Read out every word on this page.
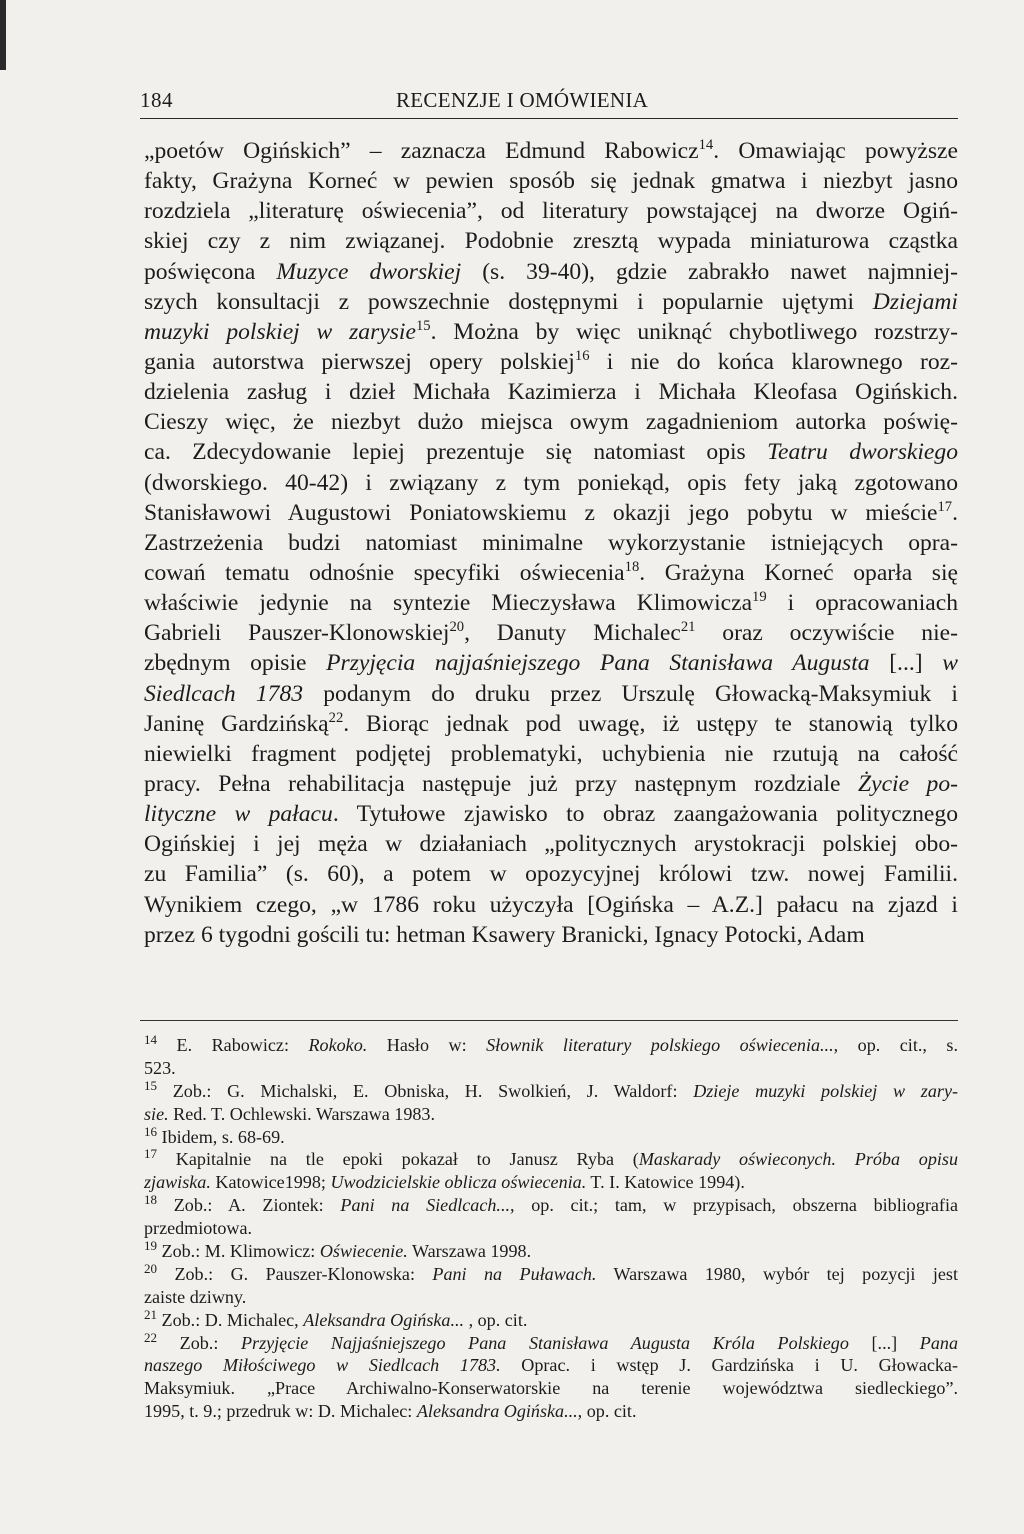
184	RECENZJE I OMÓWIENIA
„poetów Ogińskich” – zaznacza Edmund Rabowicz$^{14}$. Omawiając powyższe
fakty, Grażyna Korneć w pewien sposób się jednak gmatwa i niezbyt jasno
rozdziela „literaturę oświecenia”, od literatury powstającej na dworze Ogiń-
skiej czy z nim związanej. Podobnie zresztą wypada miniaturowa cząstka
poświęcona Muzyce dworskiej (s. 39-40), gdzie zabrakło nawet najmniej-
szych konsultacji z powszechnie dostępnymi i popularnie ujętymi Dziejami
muzyki polskiej w zarysie$^{15}$. Można by więc uniknąć chybotliwego rozstrzy-
gania autorstwa pierwszej opery polskiej$^{16}$ i nie do końca klarownego roz-
dzielenia zasług i dzieł Michała Kazimierza i Michała Kleofasa Ogińskich.
Cieszy więc, że niezbyt dużo miejsca owym zagadnieniom autorka poświę-
ca. Zdecydowanie lepiej prezentuje się natomiast opis Teatru dworskiego
(dworskiego. 40-42) i związany z tym poniekąd, opis fety jaką zgotowano
Stanisławowi Augustowi Poniatowskiemu z okazji jego pobytu w mieście$^{17}$.
Zastrzeżenia budzi natomiast minimalne wykorzystanie istniejących opra-
cowań tematu odnośnie specyfiki oświecenia$^{18}$. Grażyna Korneć oparła się
właściwie jedynie na syntezie Mieczysława Klimowicza$^{19}$ i opracowaniach
Gabrieli Pauszer-Klonowskiej$^{20}$, Danuty Michalec$^{21}$ oraz oczywiście nie-
zbędnym opisie Przyjęcia najjaśniejszego Pana Stanisława Augusta [...] w
Siedlcach 1783 podanym do druku przez Urszulę Głowacką-Maksymiuk i
Janinę Gardzińską$^{22}$. Biorąc jednak pod uwagę, iż ustępy te stanowią tylko
niewielki fragment podjętej problematyki, uchybienia nie rzutują na całość
pracy. Pełna rehabilitacja następuje już przy następnym rozdziale Życie po-
lityczne w pałacu. Tytułowe zjawisko to obraz zaangażowania politycznego
Ogińskiej i jej męża w działaniach „politycznych arystokracji polskiej obo-
zu Familia” (s. 60), a potem w opozycyjnej królowi tzw. nowej Familii.
Wynikiem czego, „w 1786 roku użyczyła [Ogińska – A.Z.] pałacu na zjazd i
przez 6 tygodni gościli tu: hetman Ksawery Branicki, Ignacy Potocki, Adam
$^{14}$ E. Rabowicz: Rokoko. Hasło w: Słownik literatury polskiego oświecenia..., op. cit., s.
523.
$^{15}$ Zob.: G. Michalski, E. Obniska, H. Swolkień, J. Waldorf: Dzieje muzyki polskiej w zary-
sie. Red. T. Ochlewski. Warszawa 1983.
$^{16}$ Ibidem, s. 68-69.
$^{17}$ Kapitalnie na tle epoki pokazał to Janusz Ryba (Maskarady oświeconych. Próba opisu
zjawiska. Katowice1998; Uwodzicielskie oblicza oświecenia. T. I. Katowice 1994).
$^{18}$ Zob.: A. Ziontek: Pani na Siedlcach..., op. cit.; tam, w przypisach, obszerna bibliografia
przedmiotowa.
$^{19}$ Zob.: M. Klimowicz: Oświecenie. Warszawa 1998.
$^{20}$ Zob.: G. Pauszer-Klonowska: Pani na Puławach. Warszawa 1980, wybór tej pozycji jest
zaiste dziwny.
$^{21}$ Zob.: D. Michalec, Aleksandra Ogińska... , op. cit.
$^{22}$ Zob.: Przyjęcie Najjaśniejszego Pana Stanisława Augusta Króla Polskiego [...] Pana
naszego Miłościwego w Siedlcach 1783. Oprac. i wstęp J. Gardzińska i U. Głowacka-
Maksymiuk. „Prace Archiwalno-Konserwatorskie na terenie województwa siedleckiego”.
1995, t. 9.; przedruk w: D. Michalec: Aleksandra Ogińska..., op. cit.
